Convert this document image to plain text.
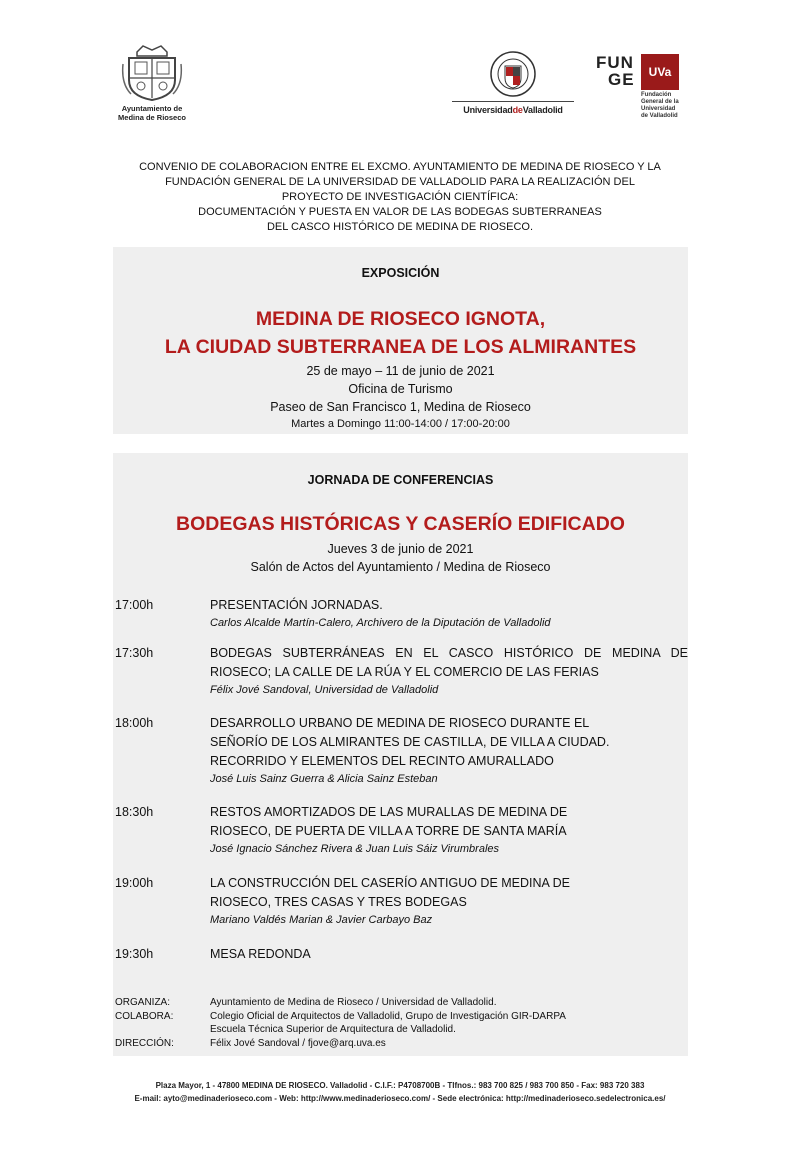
Ayuntamiento de
Medina de Rioseco
UniversidaddeValladolid
FUN
GE	UVa
Fundación
General de la
Universidad
de Valladolid
CONVENIO DE COLABORACION ENTRE EL EXCMO. AYUNTAMIENTO DE MEDINA DE RIOSECO Y LA
FUNDACIÓN GENERAL DE LA UNIVERSIDAD DE VALLADOLID PARA LA REALIZACIÓN DEL
PROYECTO DE INVESTIGACIÓN CIENTÍFICA:
DOCUMENTACIÓN Y PUESTA EN VALOR DE LAS BODEGAS SUBTERRANEAS
DEL CASCO HISTÓRICO DE MEDINA DE RIOSECO.
EXPOSICIÓN
MEDINA DE RIOSECO IGNOTA,
LA CIUDAD SUBTERRANEA DE LOS ALMIRANTES
25 de mayo – 11 de junio de 2021
Oficina de Turismo
Paseo de San Francisco 1, Medina de Rioseco
Martes a Domingo 11:00-14:00 / 17:00-20:00
JORNADA DE CONFERENCIAS
BODEGAS HISTÓRICAS Y CASERÍO EDIFICADO
Jueves 3 de junio de 2021
Salón de Actos del Ayuntamiento / Medina de Rioseco
17:00h	PRESENTACIÓN JORNADAS.
Carlos Alcalde Martín-Calero, Archivero de la Diputación de Valladolid
17:30h	BODEGAS SUBTERRÁNEAS EN EL CASCO HISTÓRICO DE MEDINA DE
RIOSECO; LA CALLE DE LA RÚA Y EL COMERCIO DE LAS FERIAS
Félix Jové Sandoval, Universidad de Valladolid
18:00h	DESARROLLO URBANO DE MEDINA DE RIOSECO DURANTE EL
SEÑORÍO DE LOS ALMIRANTES DE CASTILLA, DE VILLA A CIUDAD.
RECORRIDO Y ELEMENTOS DEL RECINTO AMURALLADO
José Luis Sainz Guerra & Alicia Sainz Esteban
18:30h	RESTOS AMORTIZADOS DE LAS MURALLAS DE MEDINA DE
RIOSECO, DE PUERTA DE VILLA A TORRE DE SANTA MARÍA
José Ignacio Sánchez Rivera & Juan Luis Sáiz Virumbrales
19:00h	LA CONSTRUCCIÓN DEL CASERÍO ANTIGUO DE MEDINA DE
RIOSECO, TRES CASAS Y TRES BODEGAS
Mariano Valdés Marian & Javier Carbayo Baz
19:30h	MESA REDONDA
ORGANIZA:	Ayuntamiento de Medina de Rioseco / Universidad de Valladolid.
COLABORA:	Colegio Oficial de Arquitectos de Valladolid, Grupo de Investigación GIR-DARPA
Escuela Técnica Superior de Arquitectura de Valladolid.
DIRECCIÓN:	Félix Jové Sandoval / fjove@arq.uva.es
Plaza Mayor, 1 - 47800 MEDINA DE RIOSECO. Valladolid - C.I.F.: P4708700B - Tlfnos.: 983 700 825 / 983 700 850 - Fax: 983 720 383
E-mail: ayto@medinaderioseco.com - Web: http://www.medinaderioseco.com/ - Sede electrónica: http://medinaderioseco.sedelectronica.es/
